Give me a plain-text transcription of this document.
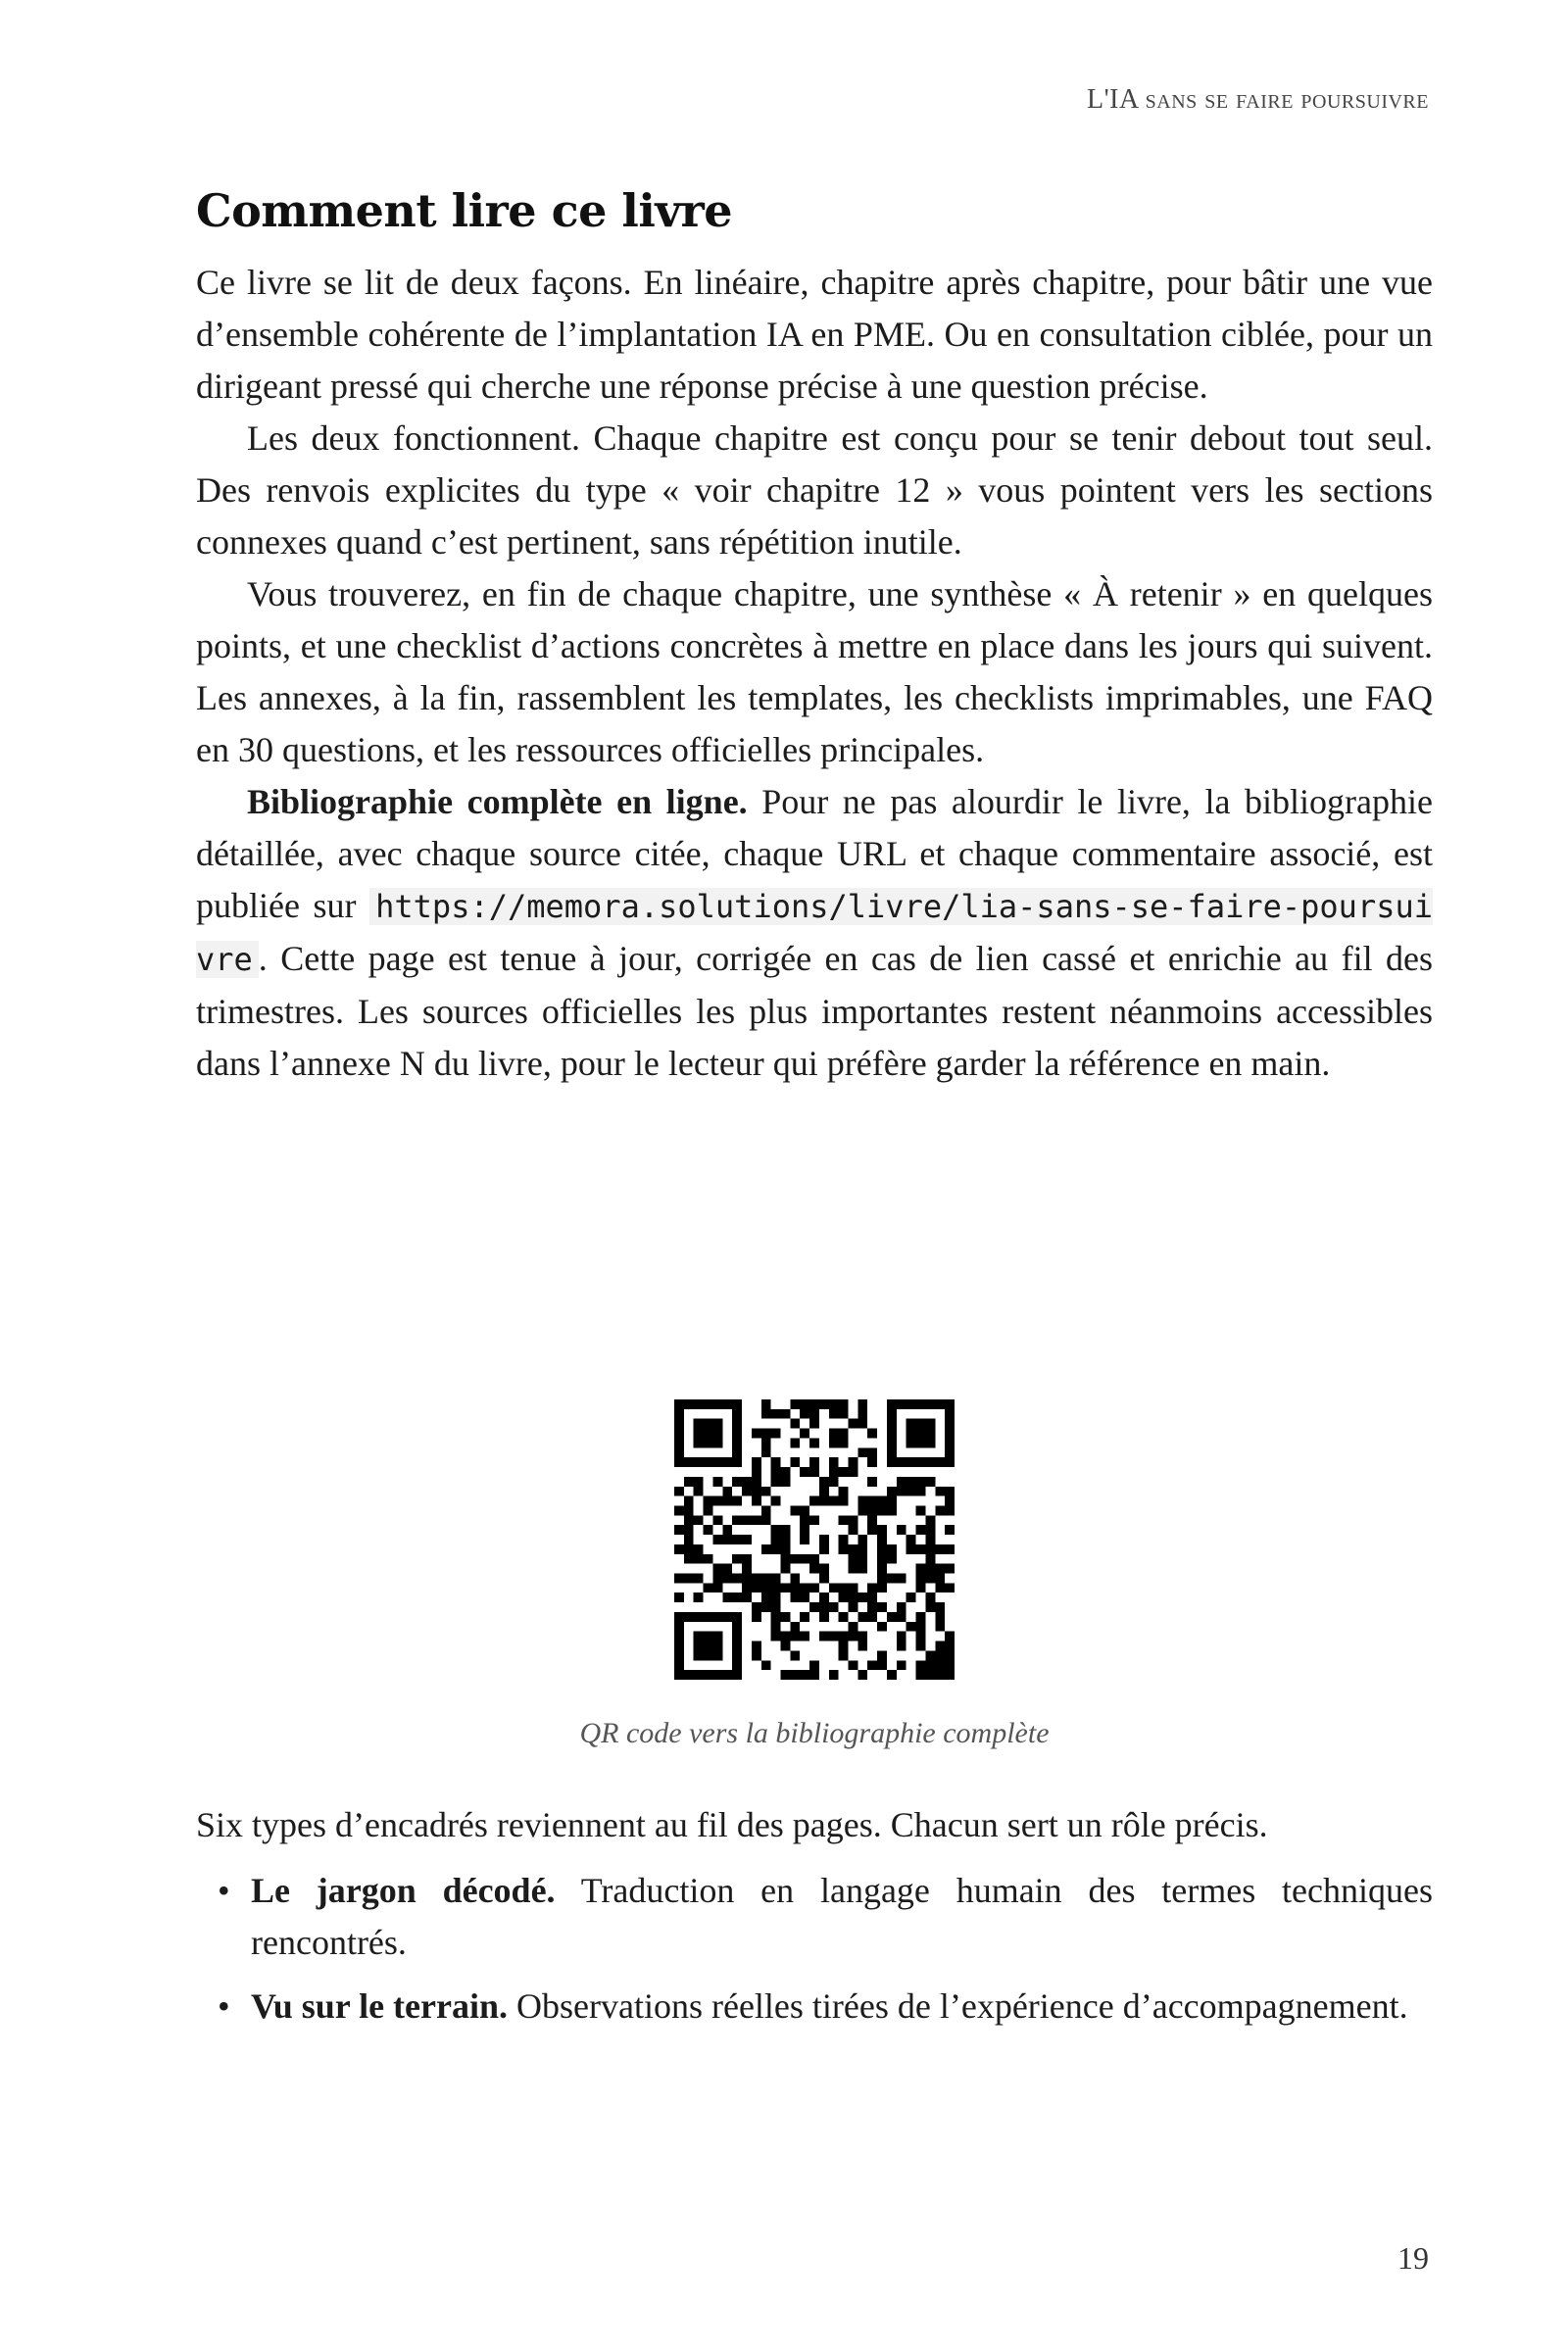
L'IA sans se faire poursuivre
Comment lire ce livre

Ce livre se lit de deux façons. En linéaire, chapitre après chapitre, pour bâtir une vue d’ensemble cohérente de l’implantation IA en PME. Ou en consultation ciblée, pour un dirigeant pressé qui cherche une réponse précise à une question précise.

Les deux fonctionnent. Chaque chapitre est conçu pour se tenir debout tout seul. Des renvois explicites du type « voir chapitre 12 » vous pointent vers les sections connexes quand c’est pertinent, sans répétition inutile.

Vous trouverez, en fin de chaque chapitre, une synthèse « À retenir » en quelques points, et une checklist d’actions concrètes à mettre en place dans les jours qui suivent. Les annexes, à la fin, rassemblent les templates, les checklists imprimables, une FAQ en 30 questions, et les ressources officielles principales.

Bibliographie complète en ligne. Pour ne pas alourdir le livre, la bibliographie détaillée, avec chaque source citée, chaque URL et chaque commentaire associé, est publiée sur https://memora.solutions/livre/lia-sans-se-faire-poursuivre . Cette page est tenue à jour, corrigée en cas de lien cassé et enrichie au fil des trimestres. Les sources officielles les plus importantes restent néanmoins accessibles dans l’annexe N du livre, pour le lecteur qui préfère garder la référence en main.

QR code vers la bibliographie complète

Six types d’encadrés reviennent au fil des pages. Chacun sert un rôle précis.

• Le jargon décodé. Traduction en langage humain des termes techniques rencontrés.
• Vu sur le terrain. Observations réelles tirées de l’expérience d’accompagnement.
19
